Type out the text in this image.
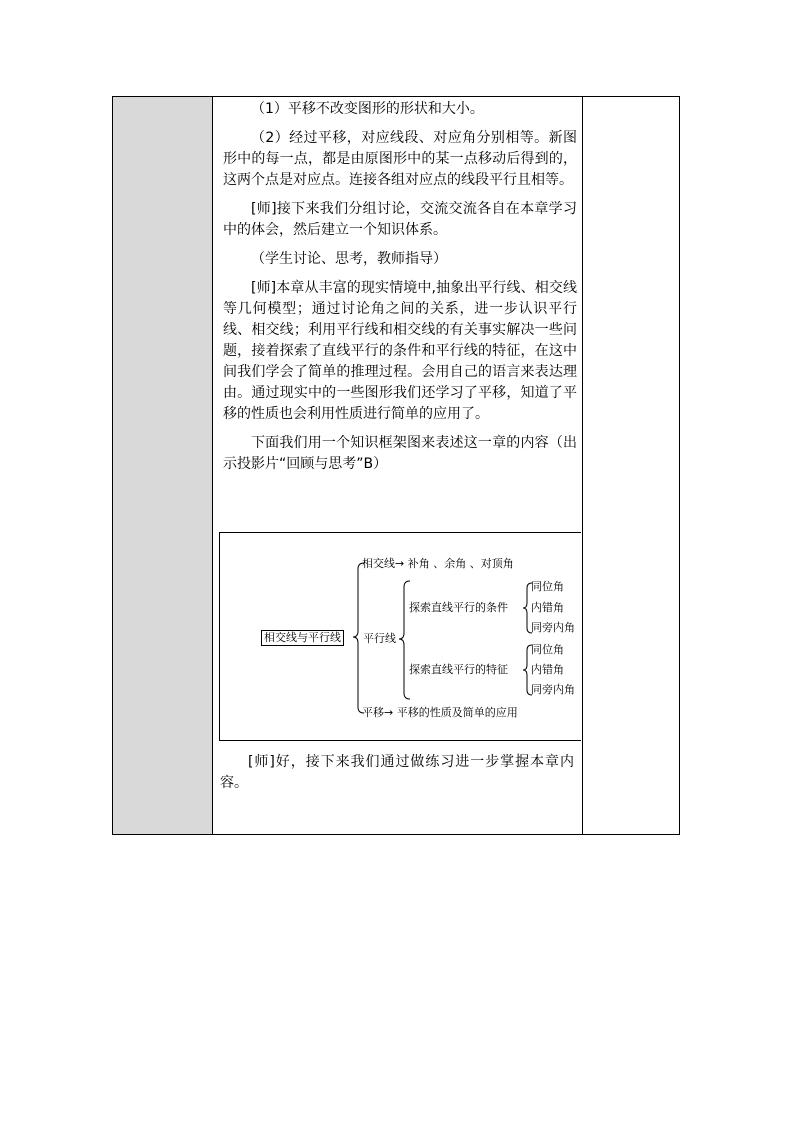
（1）平移不改变图形的形状和大小。

（2）经过平移，对应线段、对应角分别相等。新图形中的每一点，都是由原图形中的某一点移动后得到的，这两个点是对应点。连接各组对应点的线段平行且相等。

[师]接下来我们分组讨论，交流交流各自在本章学习中的体会，然后建立一个知识体系。

（学生讨论、思考，教师指导）

[师]本章从丰富的现实情境中,抽象出平行线、相交线等几何模型；通过讨论角之间的关系，进一步认识平行线、相交线；利用平行线和相交线的有关事实解决一些问题，接着探索了直线平行的条件和平行线的特征，在这中间我们学会了简单的推理过程。会用自己的语言来表达理由。通过现实中的一些图形我们还学习了平移，知道了平移的性质也会利用性质进行简单的应用了。

下面我们用一个知识框架图来表述这一章的内容（出示投影片“回顾与思考”B）

相交线与平行线
相交线→ 补角 、余角 、对顶角
平行线
探索直线平行的条件
探索直线平行的特征
同位角
内错角
同旁内角
同位角
内错角
同旁内角
平移→ 平移的性质及简单的应用

[师]好，接下来我们通过做练习进一步掌握本章内容。
